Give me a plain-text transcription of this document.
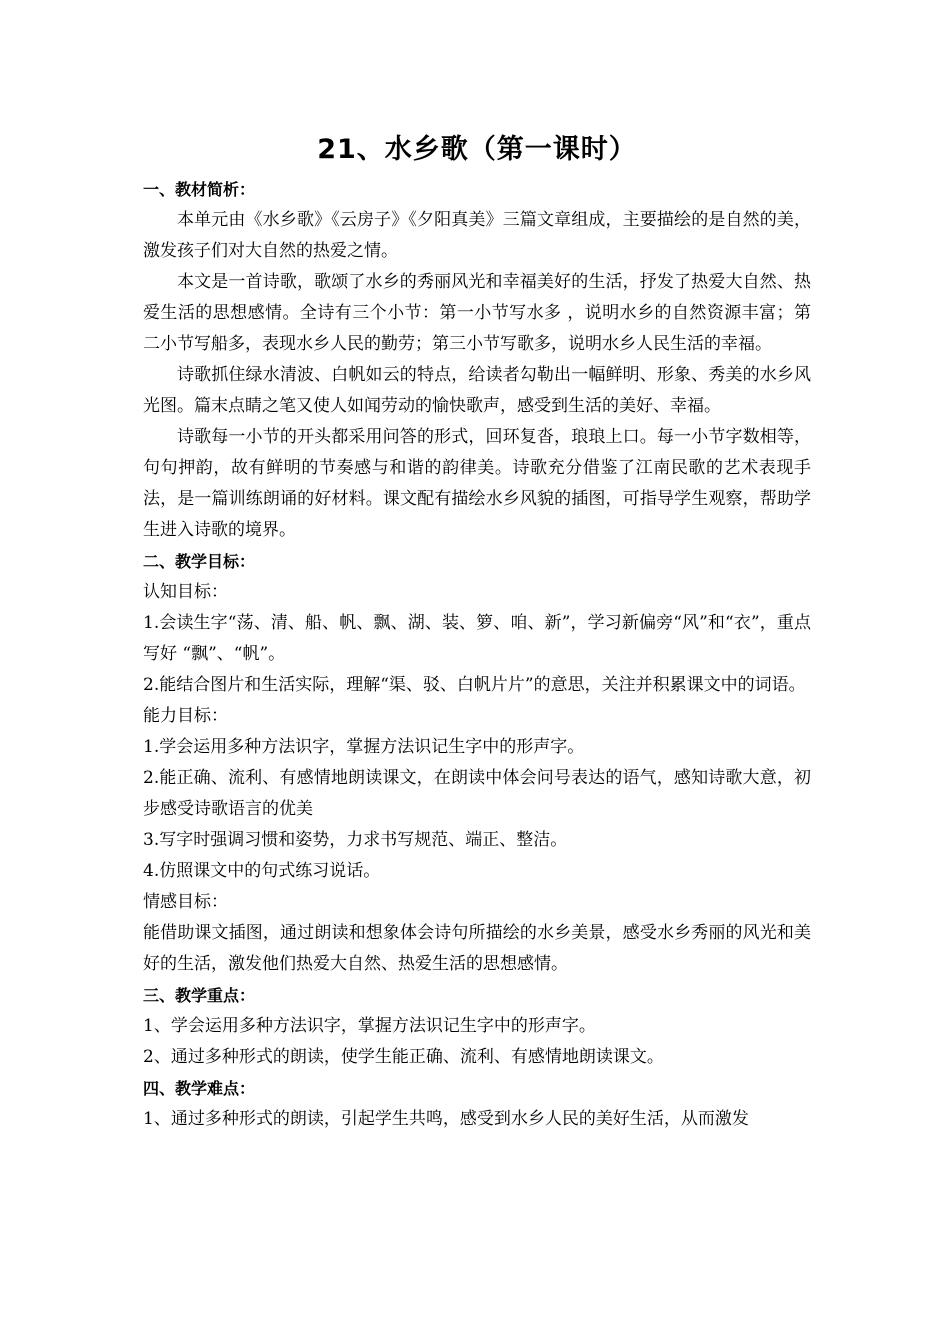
21、水乡歌（第一课时）
一、教材简析：

本单元由《水乡歌》《云房子》《夕阳真美》三篇文章组成，主要描绘的是自然的美，激发孩子们对大自然的热爱之情。

本文是一首诗歌，歌颂了水乡的秀丽风光和幸福美好的生活，抒发了热爱大自然、热爱生活的思想感情。全诗有三个小节：第一小节写水多 ，说明水乡的自然资源丰富；第二小节写船多，表现水乡人民的勤劳；第三小节写歌多，说明水乡人民生活的幸福。

诗歌抓住绿水清波、白帆如云的特点，给读者勾勒出一幅鲜明、形象、秀美的水乡风光图。篇末点睛之笔又使人如闻劳动的愉快歌声，感受到生活的美好、幸福。

诗歌每一小节的开头都采用问答的形式，回环复沓，琅琅上口。每一小节字数相等，句句押韵，故有鲜明的节奏感与和谐的韵律美。诗歌充分借鉴了江南民歌的艺术表现手法，是一篇训练朗诵的好材料。课文配有描绘水乡风貌的插图，可指导学生观察，帮助学生进入诗歌的境界。

二、教学目标：
认知目标：

1.会读生字“荡、清、船、帆、飘、湖、装、箩、咱、新”，学习新偏旁“风”和“衣”，重点写好 “飘”、“帆”。

2.能结合图片和生活实际，理解“渠、驳、白帆片片”的意思，关注并积累课文中的词语。

能力目标：

1.学会运用多种方法识字，掌握方法识记生字中的形声字。

2.能正确、流利、有感情地朗读课文，在朗读中体会问号表达的语气，感知诗歌大意，初步感受诗歌语言的优美

3.写字时强调习惯和姿势，力求书写规范、端正、整洁。

4.仿照课文中的句式练习说话。

情感目标：

能借助课文插图，通过朗读和想象体会诗句所描绘的水乡美景，感受水乡秀丽的风光和美好的生活，激发他们热爱大自然、热爱生活的思想感情。

三、教学重点：

1、学会运用多种方法识字，掌握方法识记生字中的形声字。

2、通过多种形式的朗读，使学生能正确、流利、有感情地朗读课文。

四、教学难点：

1、通过多种形式的朗读，引起学生共鸣，感受到水乡人民的美好生活，从而激发
